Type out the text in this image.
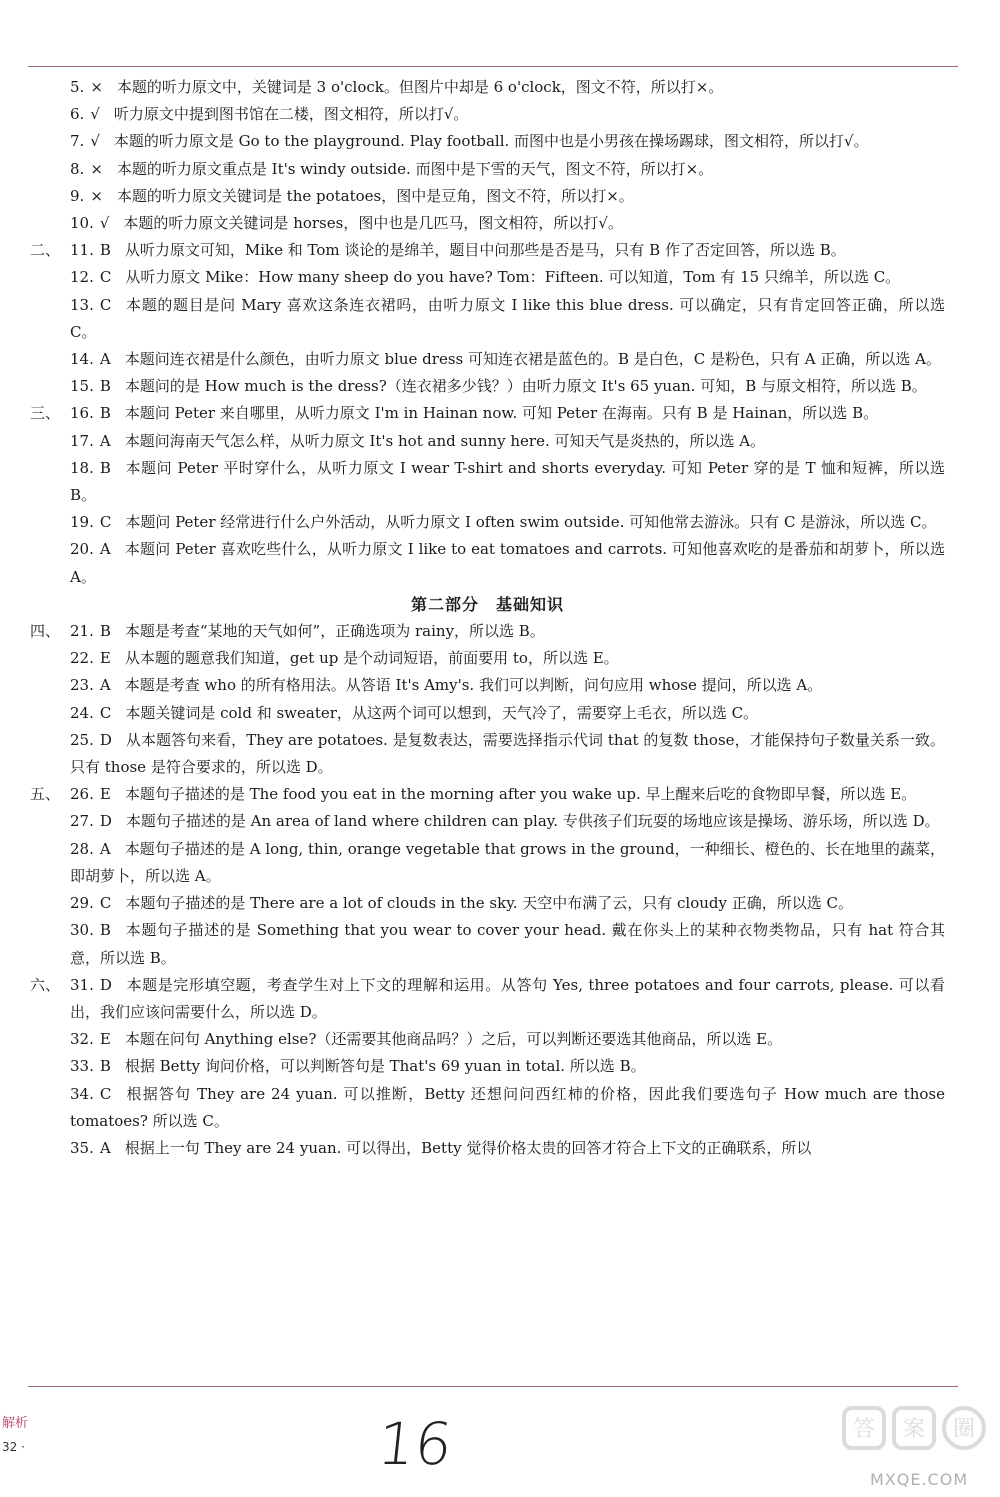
5. × 本题的听力原文中，关键词是 3 o'clock。但图片中却是 6 o'clock，图文不符，所以打×。
6. √ 听力原文中提到图书馆在二楼，图文相符，所以打√。
7. √ 本题的听力原文是 Go to the playground. Play football. 而图中也是小男孩在操场踢球，图文相符，所以打√。
8. × 本题的听力原文重点是 It's windy outside. 而图中是下雪的天气，图文不符，所以打×。
9. × 本题的听力原文关键词是 the potatoes，图中是豆角，图文不符，所以打×。
10. √ 本题的听力原文关键词是 horses，图中也是几匹马，图文相符，所以打√。
二、 11. B 从听力原文可知，Mike 和 Tom 谈论的是绵羊，题目中问那些是否是马，只有 B 作了否定回答，所以选 B。
12. C 从听力原文 Mike：How many sheep do you have? Tom：Fifteen. 可以知道，Tom 有 15 只绵羊，所以选 C。
13. C 本题的题目是问 Mary 喜欢这条连衣裙吗，由听力原文 I like this blue dress. 可以确定，只有肯定回答正确，所以选 C。
14. A 本题问连衣裙是什么颜色，由听力原文 blue dress 可知连衣裙是蓝色的。B 是白色，C 是粉色，只有 A 正确，所以选 A。
15. B 本题问的是 How much is the dress?（连衣裙多少钱？）由听力原文 It's 65 yuan. 可知，B 与原文相符，所以选 B。
三、 16. B 本题问 Peter 来自哪里，从听力原文 I'm in Hainan now. 可知 Peter 在海南。只有 B 是 Hainan，所以选 B。
17. A 本题问海南天气怎么样，从听力原文 It's hot and sunny here. 可知天气是炎热的，所以选 A。
18. B 本题问 Peter 平时穿什么，从听力原文 I wear T-shirt and shorts everyday. 可知 Peter 穿的是 T 恤和短裤，所以选 B。
19. C 本题问 Peter 经常进行什么户外活动，从听力原文 I often swim outside. 可知他常去游泳。只有 C 是游泳，所以选 C。
20. A 本题问 Peter 喜欢吃些什么，从听力原文 I like to eat tomatoes and carrots. 可知他喜欢吃的是番茄和胡萝卜，所以选 A。
第二部分　基础知识
四、 21. B 本题是考查“某地的天气如何”，正确选项为 rainy，所以选 B。
22. E 从本题的题意我们知道，get up 是个动词短语，前面要用 to，所以选 E。
23. A 本题是考查 who 的所有格用法。从答语 It's Amy's. 我们可以判断，问句应用 whose 提问，所以选 A。
24. C 本题关键词是 cold 和 sweater，从这两个词可以想到，天气冷了，需要穿上毛衣，所以选 C。
25. D 从本题答句来看，They are potatoes. 是复数表达，需要选择指示代词 that 的复数 those，才能保持句子数量关系一致。只有 those 是符合要求的，所以选 D。
五、 26. E 本题句子描述的是 The food you eat in the morning after you wake up. 早上醒来后吃的食物即早餐，所以选 E。
27. D 本题句子描述的是 An area of land where children can play. 专供孩子们玩耍的场地应该是操场、游乐场，所以选 D。
28. A 本题句子描述的是 A long, thin, orange vegetable that grows in the ground，一种细长、橙色的、长在地里的蔬菜，即胡萝卜，所以选 A。
29. C 本题句子描述的是 There are a lot of clouds in the sky. 天空中布满了云，只有 cloudy 正确，所以选 C。
30. B 本题句子描述的是 Something that you wear to cover your head. 戴在你头上的某种衣物类物品，只有 hat 符合其意，所以选 B。
六、 31. D 本题是完形填空题，考查学生对上下文的理解和运用。从答句 Yes, three potatoes and four carrots, please. 可以看出，我们应该问需要什么，所以选 D。
32. E 本题在问句 Anything else?（还需要其他商品吗？）之后，可以判断还要选其他商品，所以选 E。
33. B 根据 Betty 询问价格，可以判断答句是 That's 69 yuan in total. 所以选 B。
34. C 根据答句 They are 24 yuan. 可以推断，Betty 还想问问西红柿的价格，因此我们要选句子 How much are those tomatoes? 所以选 C。
35. A 根据上一句 They are 24 yuan. 可以得出，Betty 觉得价格太贵的回答才符合上下文的正确联系，所以
解析
32 ·	16	答 案 圈
MXQE.COM
